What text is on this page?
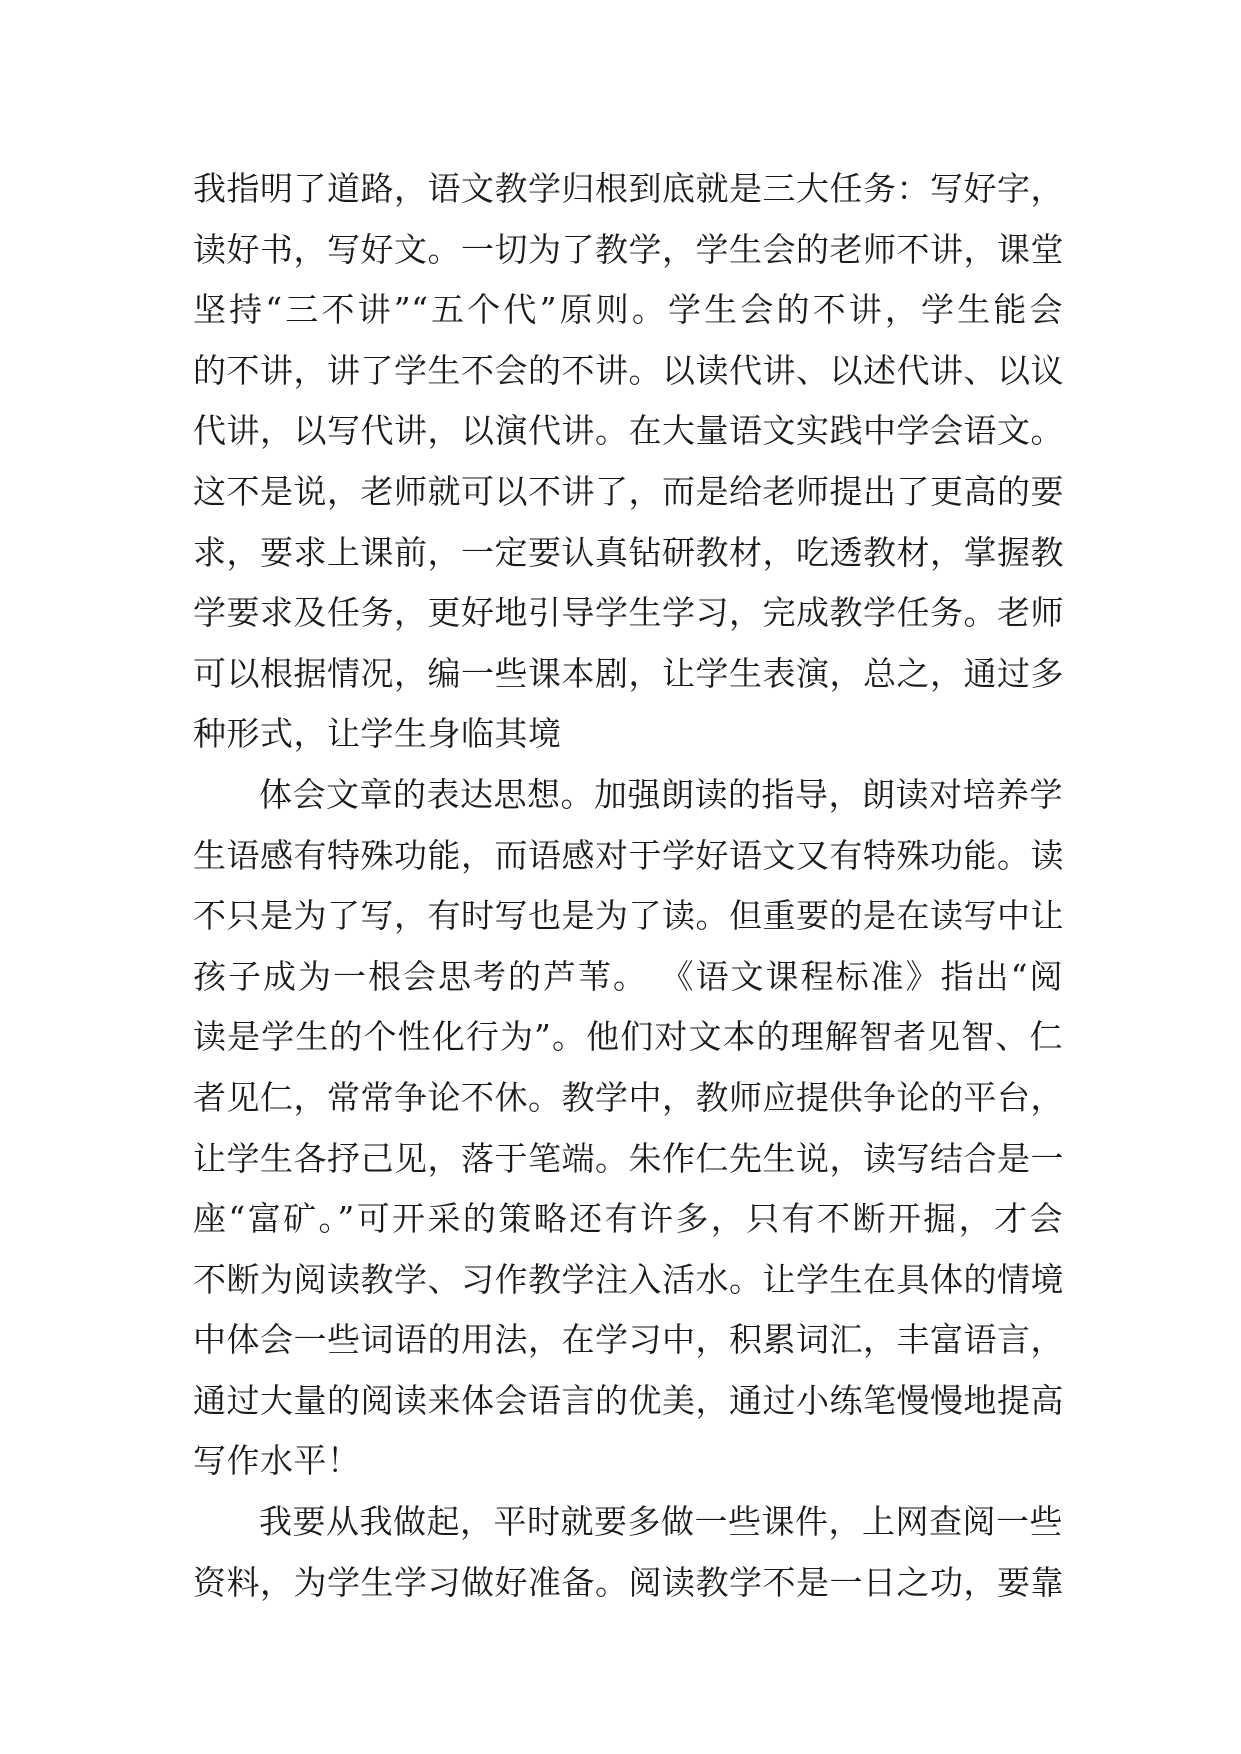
我指明了道路，语文教学归根到底就是三大任务：写好字，
读好书，写好文。一切为了教学，学生会的老师不讲，课堂
坚持“三不讲”“五个代”原则。学生会的不讲，学生能会
的不讲，讲了学生不会的不讲。以读代讲、以述代讲、以议
代讲，以写代讲，以演代讲。在大量语文实践中学会语文。
这不是说，老师就可以不讲了，而是给老师提出了更高的要
求，要求上课前，一定要认真钻研教材，吃透教材，掌握教
学要求及任务，更好地引导学生学习，完成教学任务。老师
可以根据情况，编一些课本剧，让学生表演，总之，通过多
种形式，让学生身临其境
体会文章的表达思想。加强朗读的指导，朗读对培养学
生语感有特殊功能，而语感对于学好语文又有特殊功能。读
不只是为了写，有时写也是为了读。但重要的是在读写中让
孩子成为一根会思考的芦苇。 《语文课程标准》指出“阅
读是学生的个性化行为”。他们对文本的理解智者见智、仁
者见仁，常常争论不休。教学中，教师应提供争论的平台，
让学生各抒己见，落于笔端。朱作仁先生说，读写结合是一
座“富矿。”可开采的策略还有许多，只有不断开掘，才会
不断为阅读教学、习作教学注入活水。让学生在具体的情境
中体会一些词语的用法，在学习中，积累词汇，丰富语言，
通过大量的阅读来体会语言的优美，通过小练笔慢慢地提高
写作水平！
我要从我做起，平时就要多做一些课件，上网查阅一些
资料，为学生学习做好准备。阅读教学不是一日之功，要靠
